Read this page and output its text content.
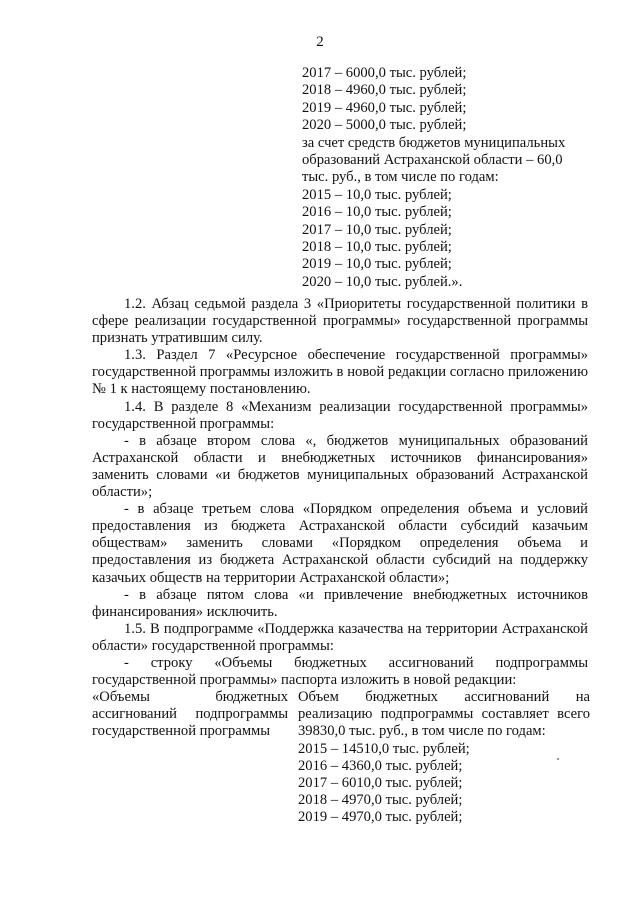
2
2017 – 6000,0 тыс. рублей;
2018 – 4960,0 тыс. рублей;
2019 – 4960,0 тыс. рублей;
2020 – 5000,0 тыс. рублей;
за счет средств бюджетов муниципальных
образований Астраханской области – 60,0
тыс. руб., в том числе по годам:
2015 – 10,0 тыс. рублей;
2016 – 10,0 тыс. рублей;
2017 – 10,0 тыс. рублей;
2018 – 10,0 тыс. рублей;
2019 – 10,0 тыс. рублей;
2020 – 10,0 тыс. рублей.».

1.2. Абзац седьмой раздела 3 «Приоритеты государственной политики в сфере реализации государственной программы» государственной программы признать утратившим силу.

1.3. Раздел 7 «Ресурсное обеспечение государственной программы» государственной программы изложить в новой редакции согласно приложению № 1 к настоящему постановлению.

1.4. В разделе 8 «Механизм реализации государственной программы» государственной программы:

- в абзаце втором слова «, бюджетов муниципальных образований Астраханской области и внебюджетных источников финансирования» заменить словами «и бюджетов муниципальных образований Астраханской области»;

- в абзаце третьем слова «Порядком определения объема и условий предоставления из бюджета Астраханской области субсидий казачьим обществам» заменить словами «Порядком определения объема и предоставления из бюджета Астраханской области субсидий на поддержку казачьих обществ на территории Астраханской области»;

- в абзаце пятом слова «и привлечение внебюджетных источников финансирования» исключить.

1.5. В подпрограмме «Поддержка казачества на территории Астраханской области» государственной программы:

- строку «Объемы бюджетных ассигнований подпрограммы государственной программы» паспорта изложить в новой редакции:

«Объемы бюджетных ассигнований подпрограммы государственной программы
Объем бюджетных ассигнований на реализацию подпрограммы составляет всего 39830,0 тыс. руб., в том числе по годам:
2015 – 14510,0 тыс. рублей;
2016 – 4360,0 тыс. рублей;
2017 – 6010,0 тыс. рублей;
2018 – 4970,0 тыс. рублей;
2019 – 4970,0 тыс. рублей;
